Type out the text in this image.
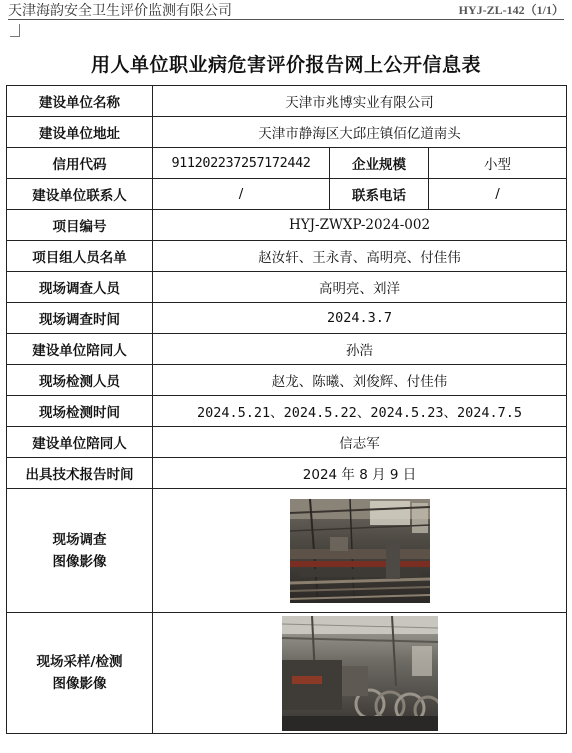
天津海韵安全卫生评价监测有限公司	HYJ-ZL-142（1/1）
用人单位职业病危害评价报告网上公开信息表
建设单位名称	天津市兆博实业有限公司		
建设单位地址	天津市静海区大邱庄镇佰亿道南头		
信用代码	911202237257172442	企业规模	小型
建设单位联系人	/	联系电话	/
项目编号	HYJ-ZWXP-2024-002		
项目组人员名单	赵汝轩、王永青、高明亮、付佳伟		
现场调查人员	高明亮、刘洋		
现场调查时间	2024.3.7		
建设单位陪同人	孙浩		
现场检测人员	赵龙、陈曦、刘俊辉、付佳伟		
现场检测时间	2024.5.21、2024.5.22、2024.5.23、2024.7.5		
建设单位陪同人	信志军		
出具技术报告时间	2024 年 8 月 9 日		
现场调查
图像影像	
现场采样/检测
图像影像	
